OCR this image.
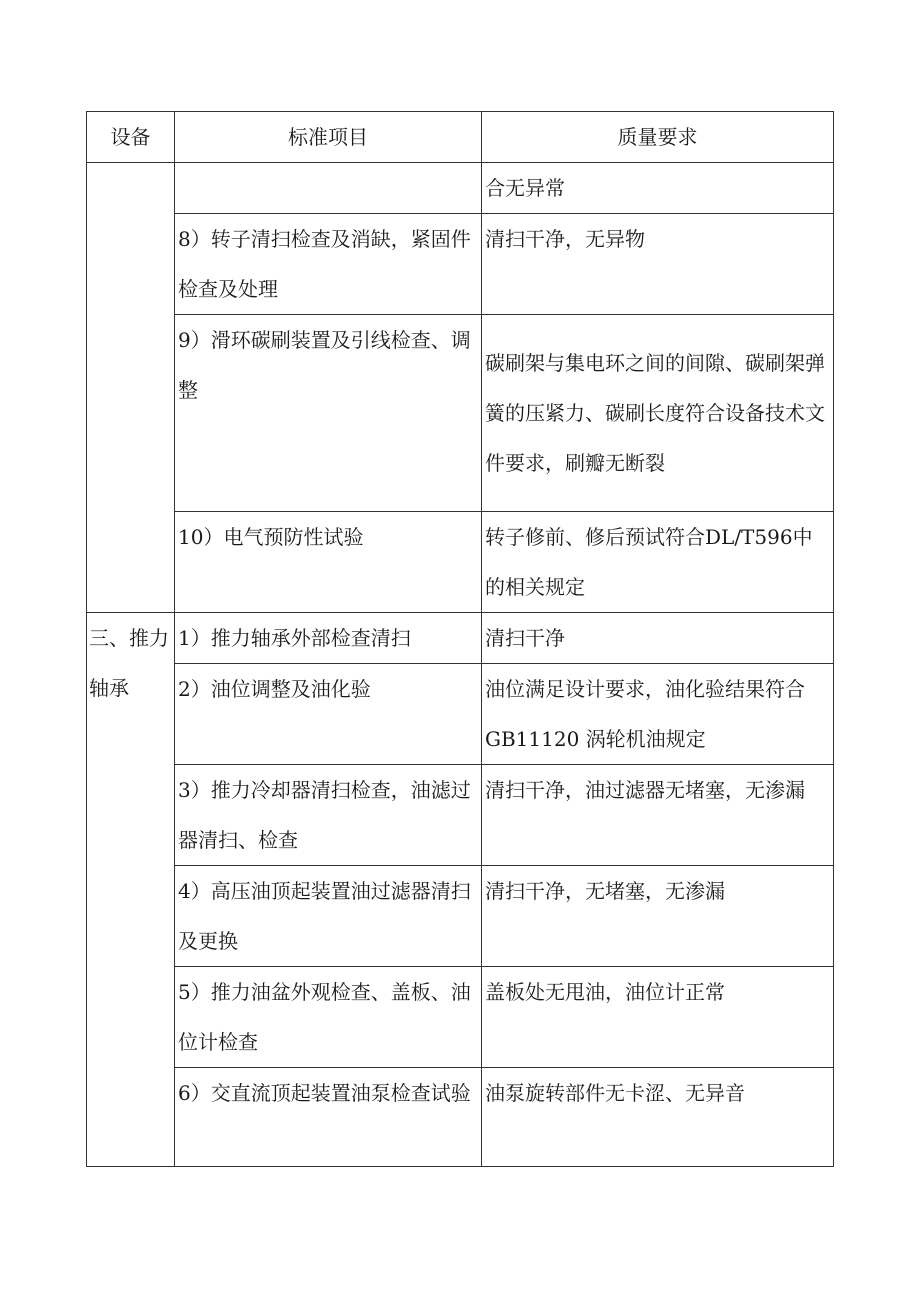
设备	标准项目	质量要求
		合无异常
	8）转子清扫检查及消缺，紧固件检查及处理	清扫干净，无异物
	9）滑环碳刷装置及引线检查、调整	碳刷架与集电环之间的间隙、碳刷架弹簧的压紧力、碳刷长度符合设备技术文件要求，刷瓣无断裂
	10）电气预防性试验	转子修前、修后预试符合DL/T596中的相关规定
三、推力轴承	1）推力轴承外部检查清扫	清扫干净
	2）油位调整及油化验	油位满足设计要求，油化验结果符合 GB11120 涡轮机油规定
	3）推力冷却器清扫检查，油滤过器清扫、检查	清扫干净，油过滤器无堵塞，无渗漏
	4）高压油顶起装置油过滤器清扫及更换	清扫干净，无堵塞，无渗漏
	5）推力油盆外观检查、盖板、油位计检查	盖板处无甩油，油位计正常
	6）交直流顶起装置油泵检查试验	油泵旋转部件无卡涩、无异音
